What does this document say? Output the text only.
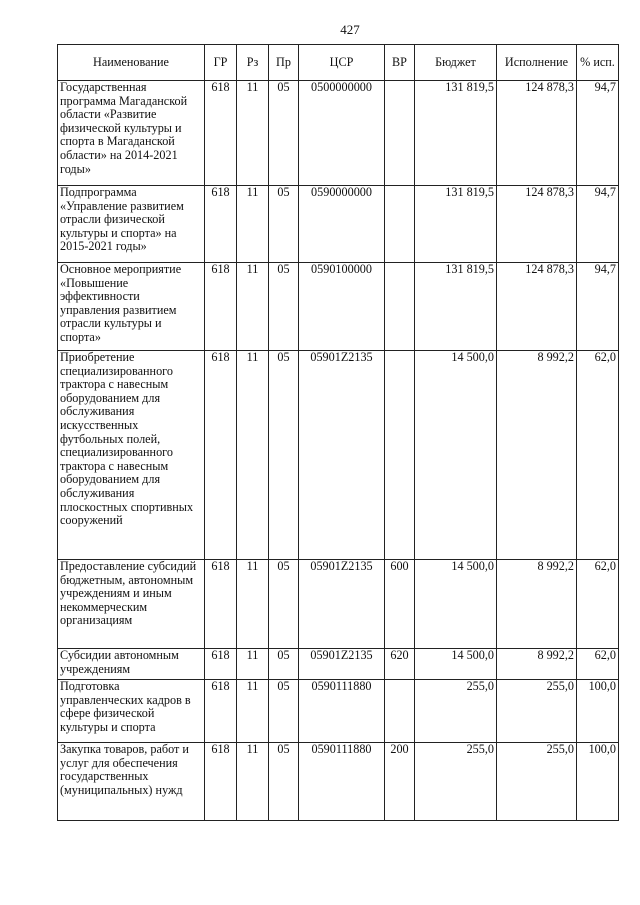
427
Наименование	ГР	Рз	Пр	ЦСР	ВР	Бюджет	Исполнение	% исп.
Государственная программа Магаданской области «Развитие физической культуры и спорта в Магаданской области» на 2014-2021 годы»	618	11	05	0500000000		131 819,5	124 878,3	94,7
Подпрограмма «Управление развитием отрасли физической культуры и спорта» на 2015-2021 годы»	618	11	05	0590000000		131 819,5	124 878,3	94,7
Основное мероприятие «Повышение эффективности управления развитием отрасли культуры и спорта»	618	11	05	0590100000		131 819,5	124 878,3	94,7
Приобретение специализированного трактора с навесным оборудованием для обслуживания искусственных футбольных полей, специализированного трактора с навесным оборудованием для обслуживания плоскостных спортивных сооружений	618	11	05	05901Z2135		14 500,0	8 992,2	62,0
Предоставление субсидий бюджетным, автономным учреждениям и иным некоммерческим организациям	618	11	05	05901Z2135	600	14 500,0	8 992,2	62,0
Субсидии автономным учреждениям	618	11	05	05901Z2135	620	14 500,0	8 992,2	62,0
Подготовка управленческих кадров в сфере физической культуры и спорта	618	11	05	0590111880		255,0	255,0	100,0
Закупка товаров, работ и услуг для обеспечения государственных (муниципальных) нужд	618	11	05	0590111880	200	255,0	255,0	100,0
